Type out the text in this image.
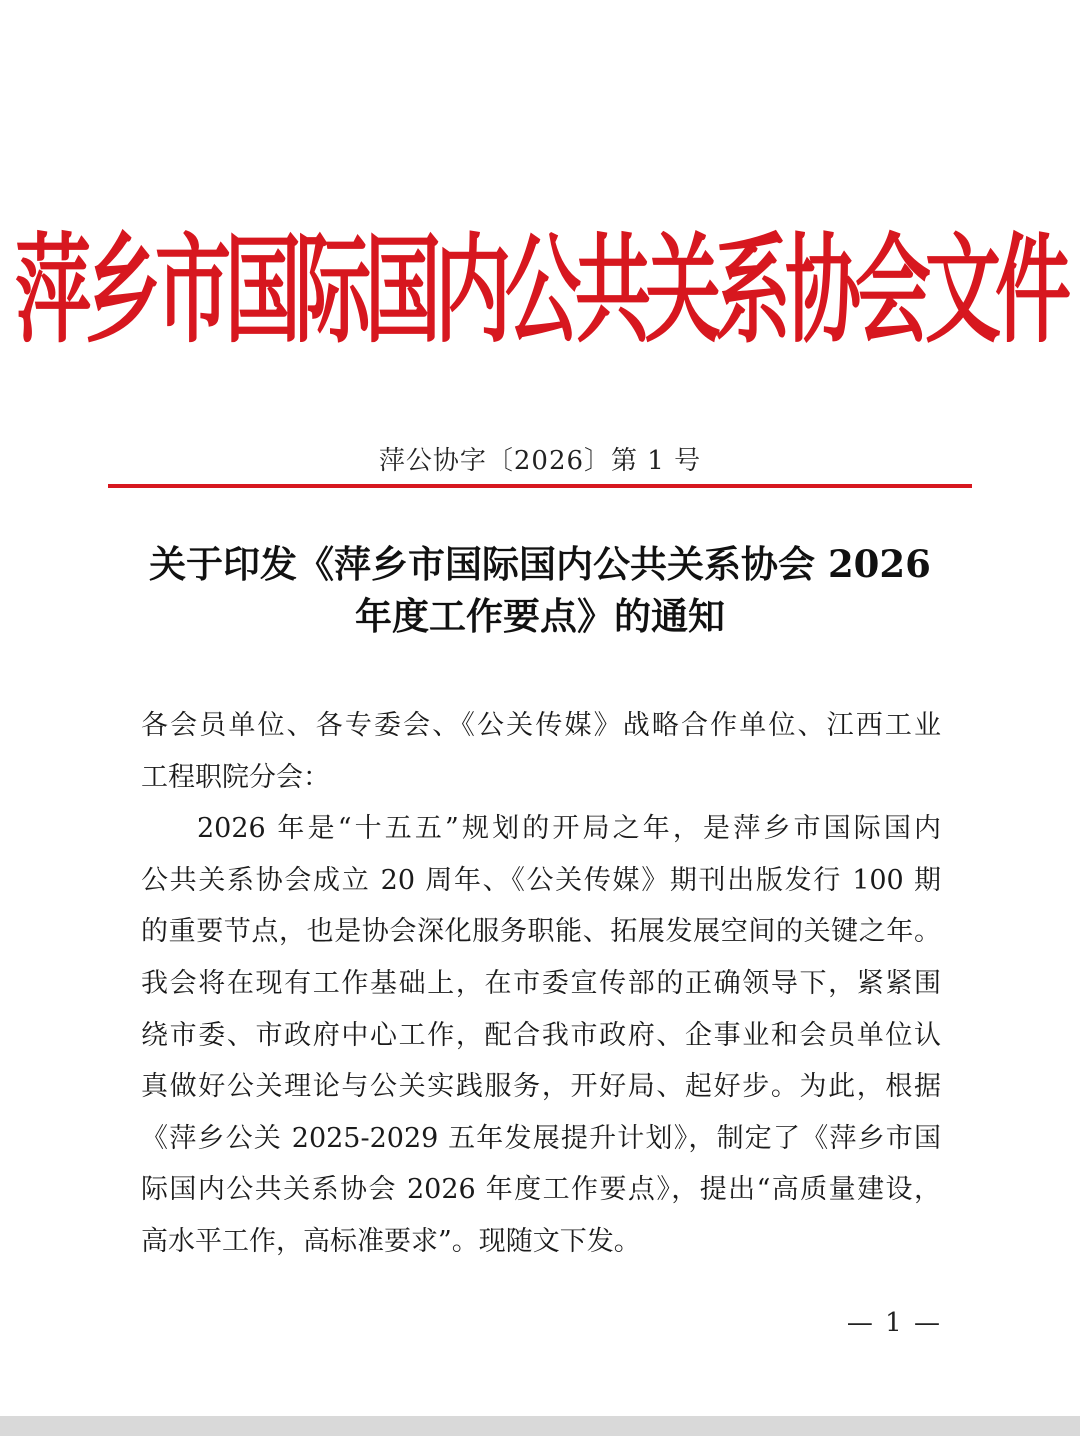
萍乡市国际国内公共关系协会文件
萍公协字〔2026〕第 1 号
关于印发《萍乡市国际国内公共关系协会 2026
年度工作要点》的通知
各会员单位、各专委会、《公关传媒》战略合作单位、江西工业
工程职院分会：
2026 年是“十五五”规划的开局之年，是萍乡市国际国内
公共关系协会成立 20 周年、《公关传媒》期刊出版发行 100 期
的重要节点，也是协会深化服务职能、拓展发展空间的关键之年。
我会将在现有工作基础上，在市委宣传部的正确领导下，紧紧围
绕市委、市政府中心工作，配合我市政府、企事业和会员单位认
真做好公关理论与公关实践服务，开好局、起好步。为此，根据
《萍乡公关 2025-2029 五年发展提升计划》，制定了《萍乡市国
际国内公共关系协会 2026 年度工作要点》，提出“高质量建设，
高水平工作，高标准要求”。现随文下发。
— 1 —
